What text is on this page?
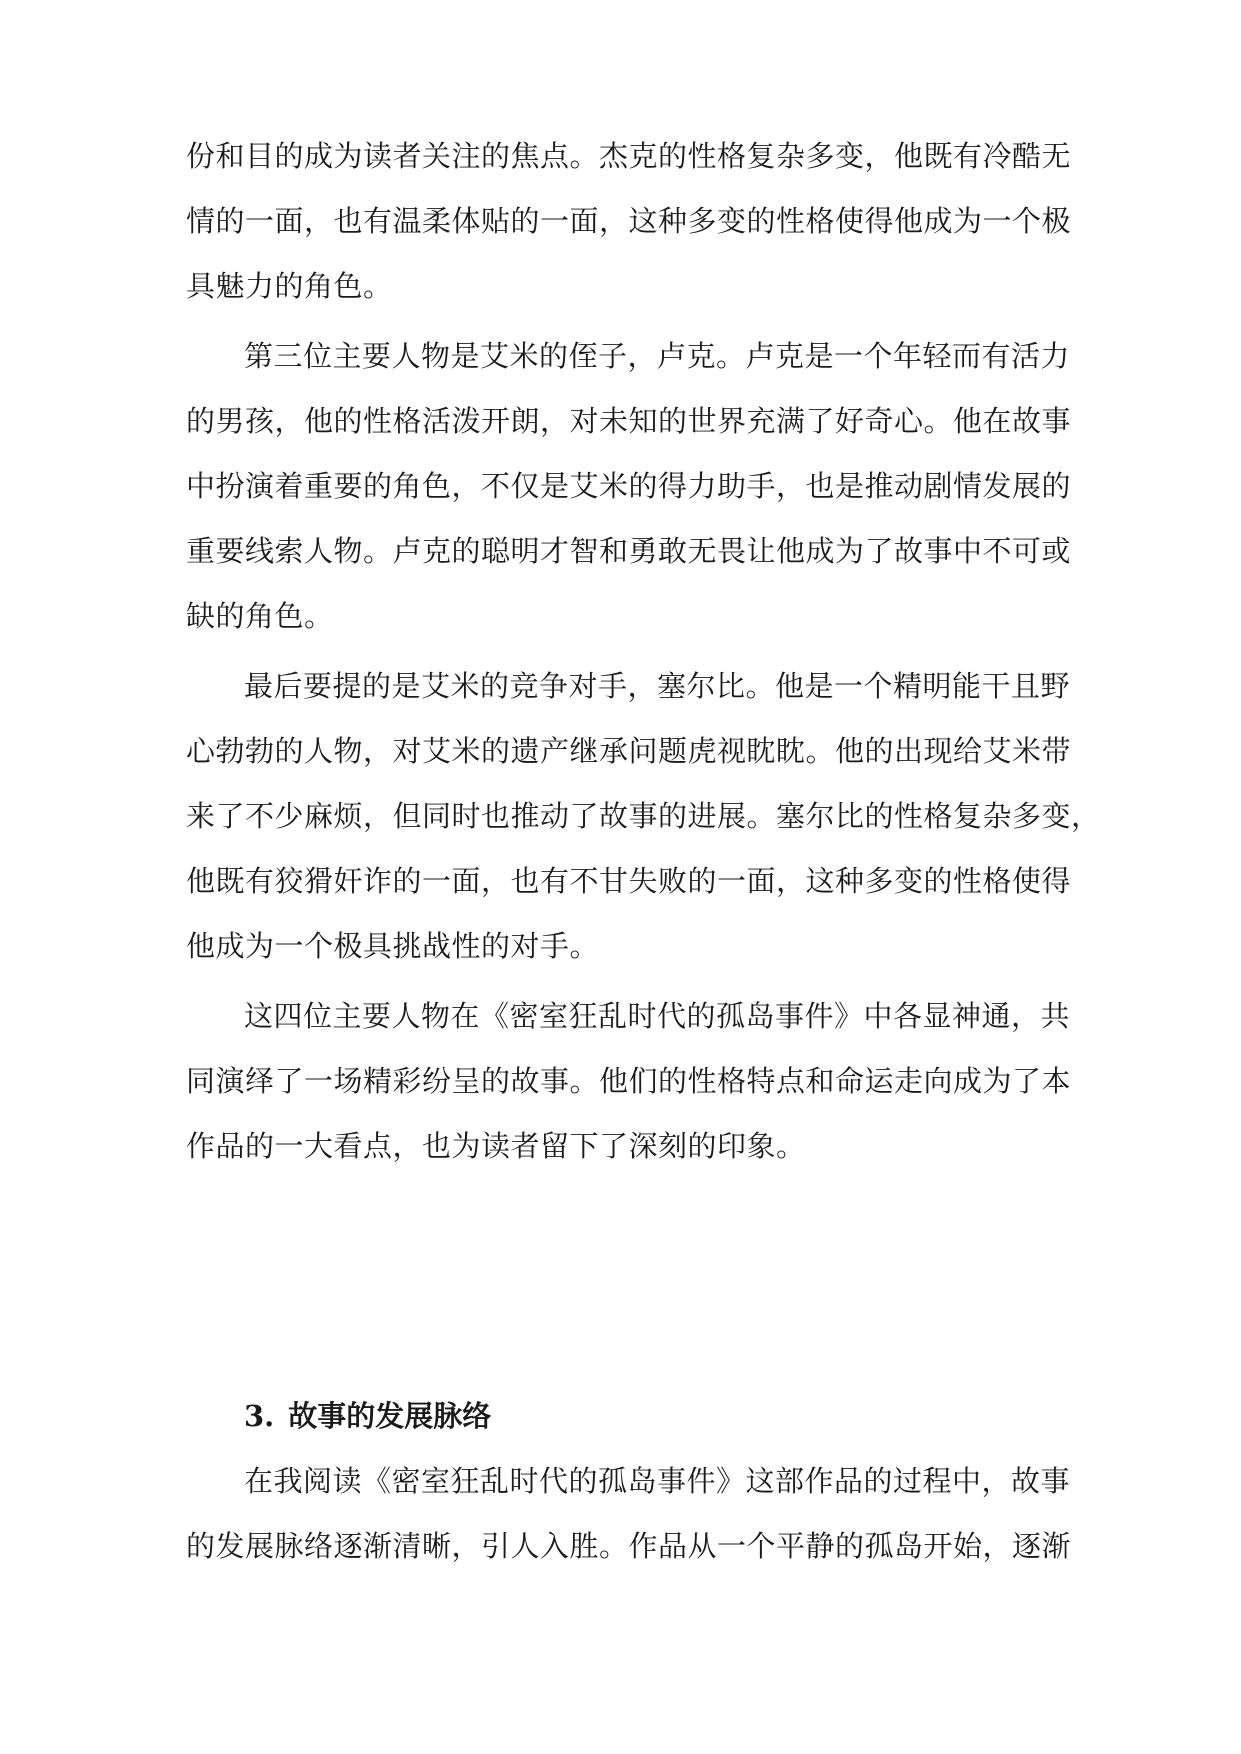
份和目的成为读者关注的焦点。杰克的性格复杂多变，他既有冷酷无
情的一面，也有温柔体贴的一面，这种多变的性格使得他成为一个极
具魅力的角色。
第三位主要人物是艾米的侄子，卢克。卢克是一个年轻而有活力
的男孩，他的性格活泼开朗，对未知的世界充满了好奇心。他在故事
中扮演着重要的角色，不仅是艾米的得力助手，也是推动剧情发展的
重要线索人物。卢克的聪明才智和勇敢无畏让他成为了故事中不可或
缺的角色。
最后要提的是艾米的竞争对手，塞尔比。他是一个精明能干且野
心勃勃的人物，对艾米的遗产继承问题虎视眈眈。他的出现给艾米带
来了不少麻烦，但同时也推动了故事的进展。塞尔比的性格复杂多变，
他既有狡猾奸诈的一面，也有不甘失败的一面，这种多变的性格使得
他成为一个极具挑战性的对手。
这四位主要人物在《密室狂乱时代的孤岛事件》中各显神通，共
同演绎了一场精彩纷呈的故事。他们的性格特点和命运走向成为了本
作品的一大看点，也为读者留下了深刻的印象。
3. 故事的发展脉络
在我阅读《密室狂乱时代的孤岛事件》这部作品的过程中，故事
的发展脉络逐渐清晰，引人入胜。作品从一个平静的孤岛开始，逐渐
